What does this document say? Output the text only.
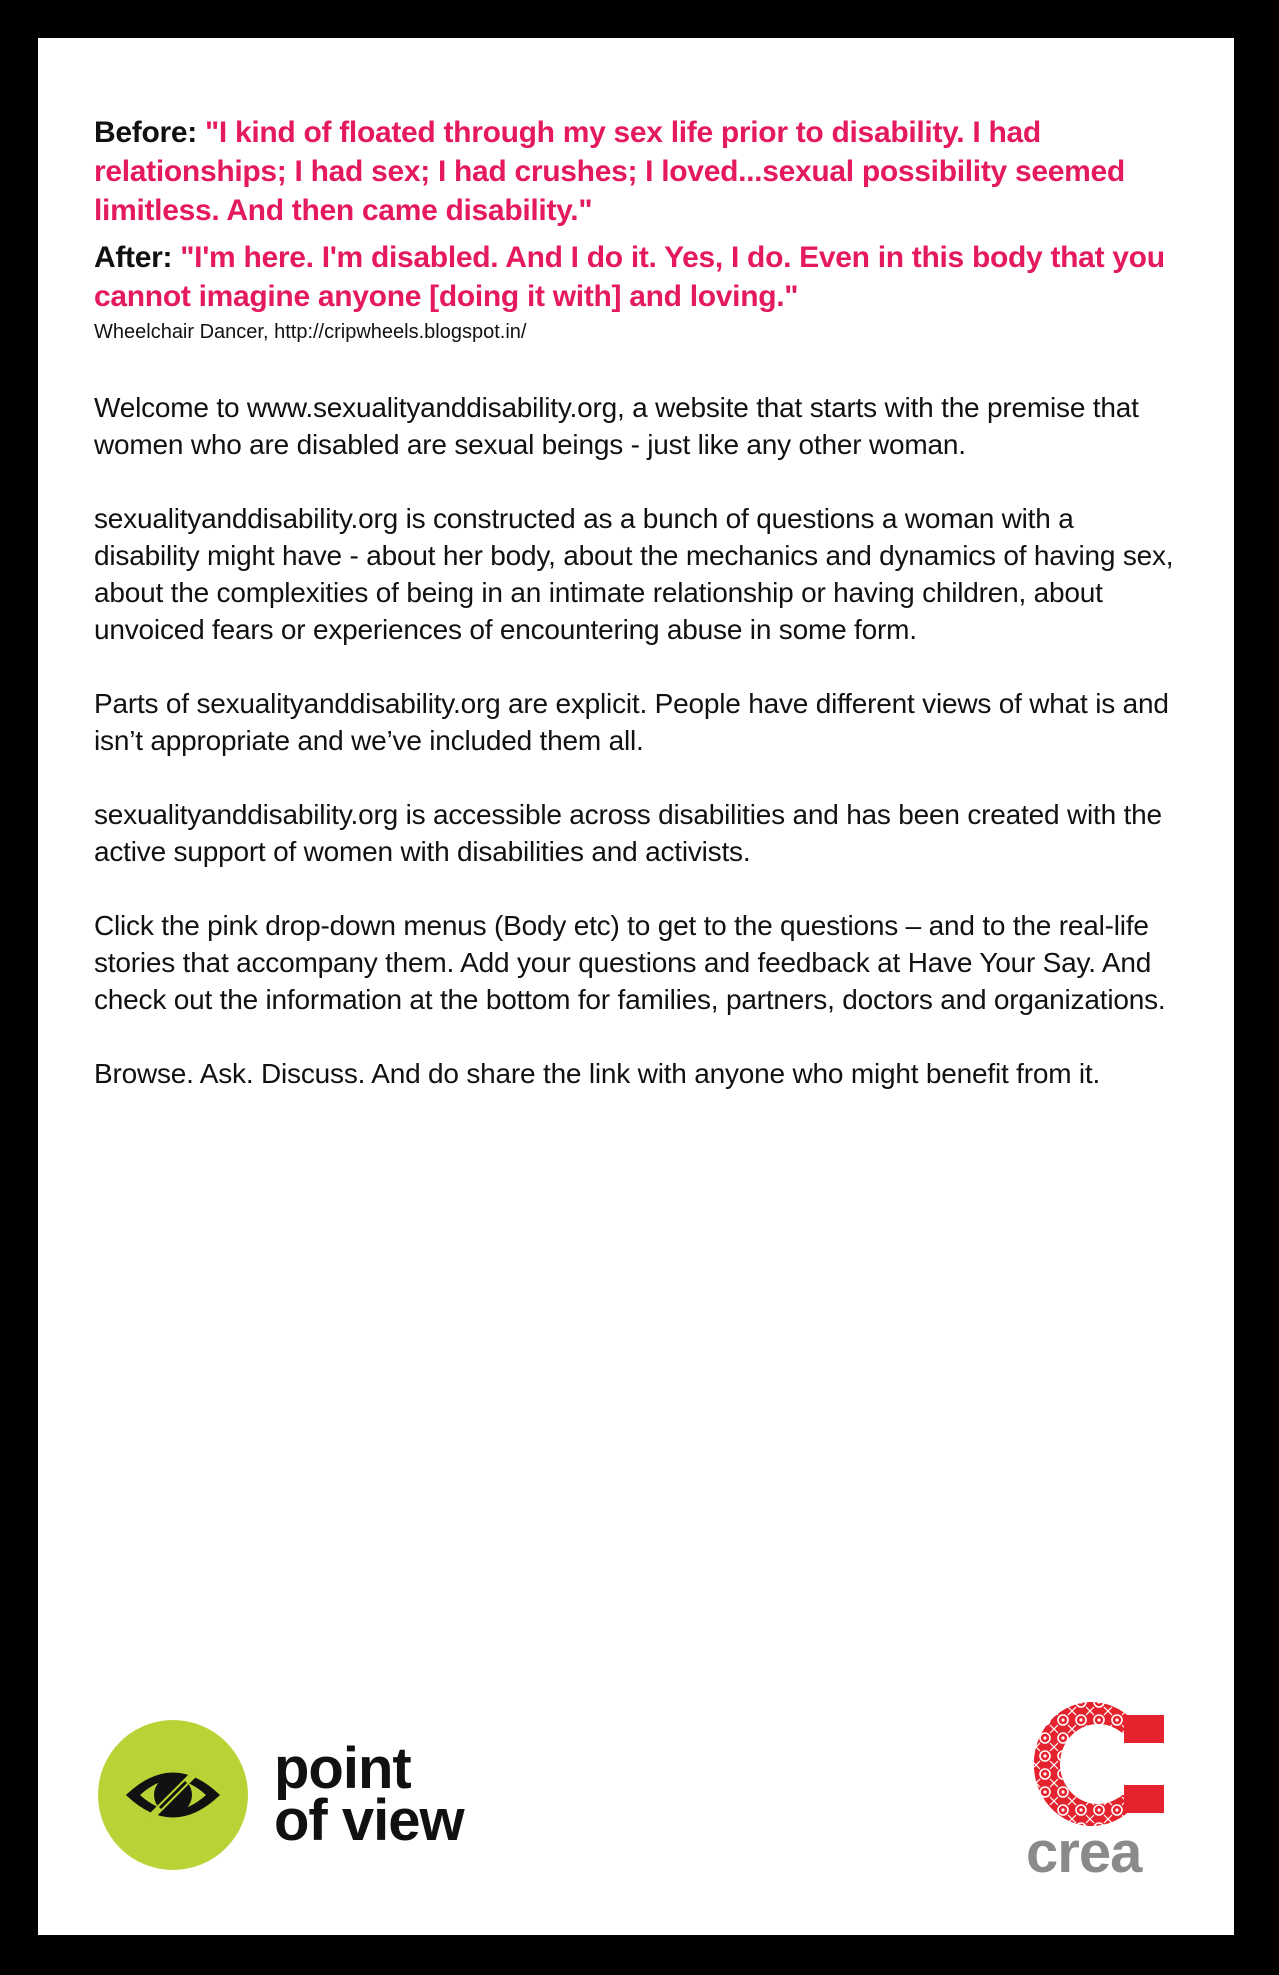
Before: "I kind of floated through my sex life prior to disability. I had relationships; I had sex; I had crushes; I loved...sexual possibility seemed limitless. And then came disability."

After: "I'm here. I'm disabled. And I do it. Yes, I do. Even in this body that you cannot imagine anyone [doing it with] and loving."

Wheelchair Dancer, http://cripwheels.blogspot.in/

Welcome to www.sexualityanddisability.org, a website that starts with the premise that women who are disabled are sexual beings - just like any other woman.

sexualityanddisability.org is constructed as a bunch of questions a woman with a disability might have - about her body, about the mechanics and dynamics of having sex, about the complexities of being in an intimate relationship or having children, about unvoiced fears or experiences of encountering abuse in some form.

Parts of sexualityanddisability.org are explicit. People have different views of what is and isn’t appropriate and we’ve included them all.

sexualityanddisability.org is accessible across disabilities and has been created with the active support of women with disabilities and activists.

Click the pink drop-down menus (Body etc) to get to the questions – and to the real-life stories that accompany them. Add your questions and feedback at Have Your Say. And check out the information at the bottom for families, partners, doctors and organizations.

Browse. Ask. Discuss. And do share the link with anyone who might benefit from it.

point
of view	crea
